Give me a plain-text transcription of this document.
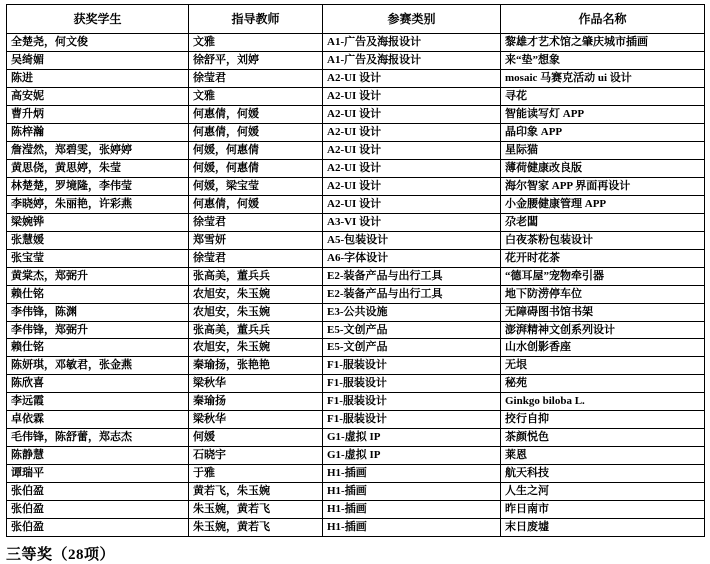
获奖学生	指导教师	参赛类别	作品名称
全楚尧，何文俊	文雅	A1-广告及海报设计	黎雄才艺术馆之肇庆城市插画
吴绮媚	徐舒平，刘婷	A1-广告及海报设计	来“垫”想象
陈进	徐莹君	A2-UI 设计	mosaic 马赛克活动 ui 设计
高安妮	文雅	A2-UI 设计	寻花
曹升炳	何惠倩，何媛	A2-UI 设计	智能读写灯 APP
陈梓瀚	何惠倩，何媛	A2-UI 设计	晶印象 APP
詹滢然，郑碧雯，张婷婷	何媛，何惠倩	A2-UI 设计	星际猫
黄思侥，黄思婷，朱莹	何媛，何惠倩	A2-UI 设计	薄荷健康改良版
林楚楚，罗境隆，李伟莹	何媛，梁宝莹	A2-UI 设计	海尔智家 APP 界面再设计
李晓婷，朱丽艳，许彩燕	何惠倩，何媛	A2-UI 设计	小金腰健康管理 APP
梁婉铧	徐莹君	A3-VI 设计	尕老闆
张慧媛	郑雪妍	A5-包装设计	白夜茶粉包装设计
张宝莹	徐莹君	A6-字体设计	花开时花茶
黄棠杰，郑弼升	张高美，董兵兵	E2-装备产品与出行工具	“德耳屋”宠物牵引器
赖仕铭	农旭安，朱玉婉	E2-装备产品与出行工具	地下防涝停车位
李伟锋，陈渊	农旭安，朱玉婉	E3-公共设施	无障碍图书馆书架
李伟锋，郑弼升	张高美，董兵兵	E5-文创产品	澎湃精神文创系列设计
赖仕铭	农旭安，朱玉婉	E5-文创产品	山水创影香座
陈妍琪，邓敏君，张金燕	秦瑜扬，张艳艳	F1-服装设计	无垠
陈欣喜	梁秋华	F1-服装设计	秘苑
李远霞	秦瑜扬	F1-服装设计	Ginkgo biloba L.
卓依霖	梁秋华	F1-服装设计	挍行自抑
毛伟锋，陈舒蕾，郑志杰	何媛	G1-虚拟 IP	茶颜悦色
陈静慧	石晓宇	G1-虚拟 IP	莱恩
谭瑞平	于雅	H1-插画	航天科技
张伯盈	黄若飞，朱玉婉	H1-插画	人生之河
张伯盈	朱玉婉，黄若飞	H1-插画	昨日南市
张伯盈	朱玉婉，黄若飞	H1-插画	末日废墟
三等奖（28项）
